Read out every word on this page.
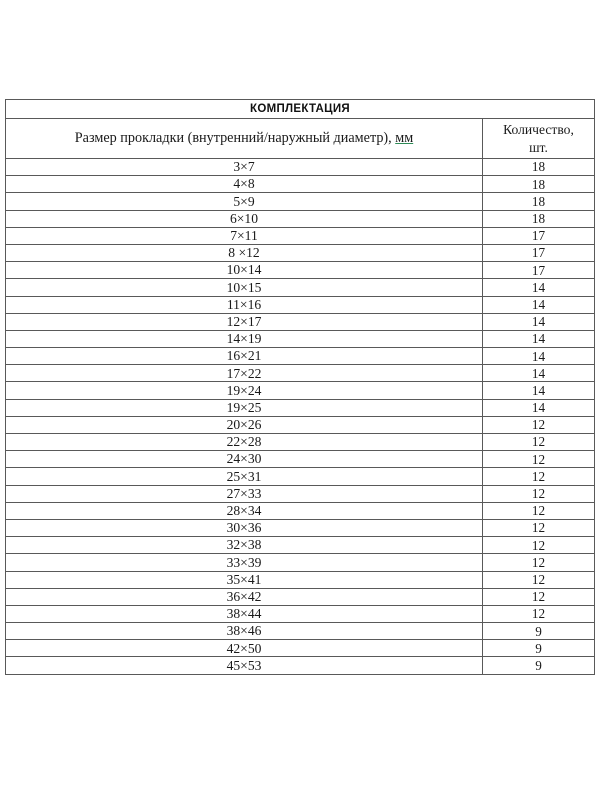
КОМПЛЕКТАЦИЯ	
Размер прокладки (внутренний/наружный диаметр), мм	Количество,
шт.
3×7	18
4×8	18
5×9	18
6×10	18
7×11	17
8 ×12	17
10×14	17
10×15	14
11×16	14
12×17	14
14×19	14
16×21	14
17×22	14
19×24	14
19×25	14
20×26	12
22×28	12
24×30	12
25×31	12
27×33	12
28×34	12
30×36	12
32×38	12
33×39	12
35×41	12
36×42	12
38×44	12
38×46	9
42×50	9
45×53	9
